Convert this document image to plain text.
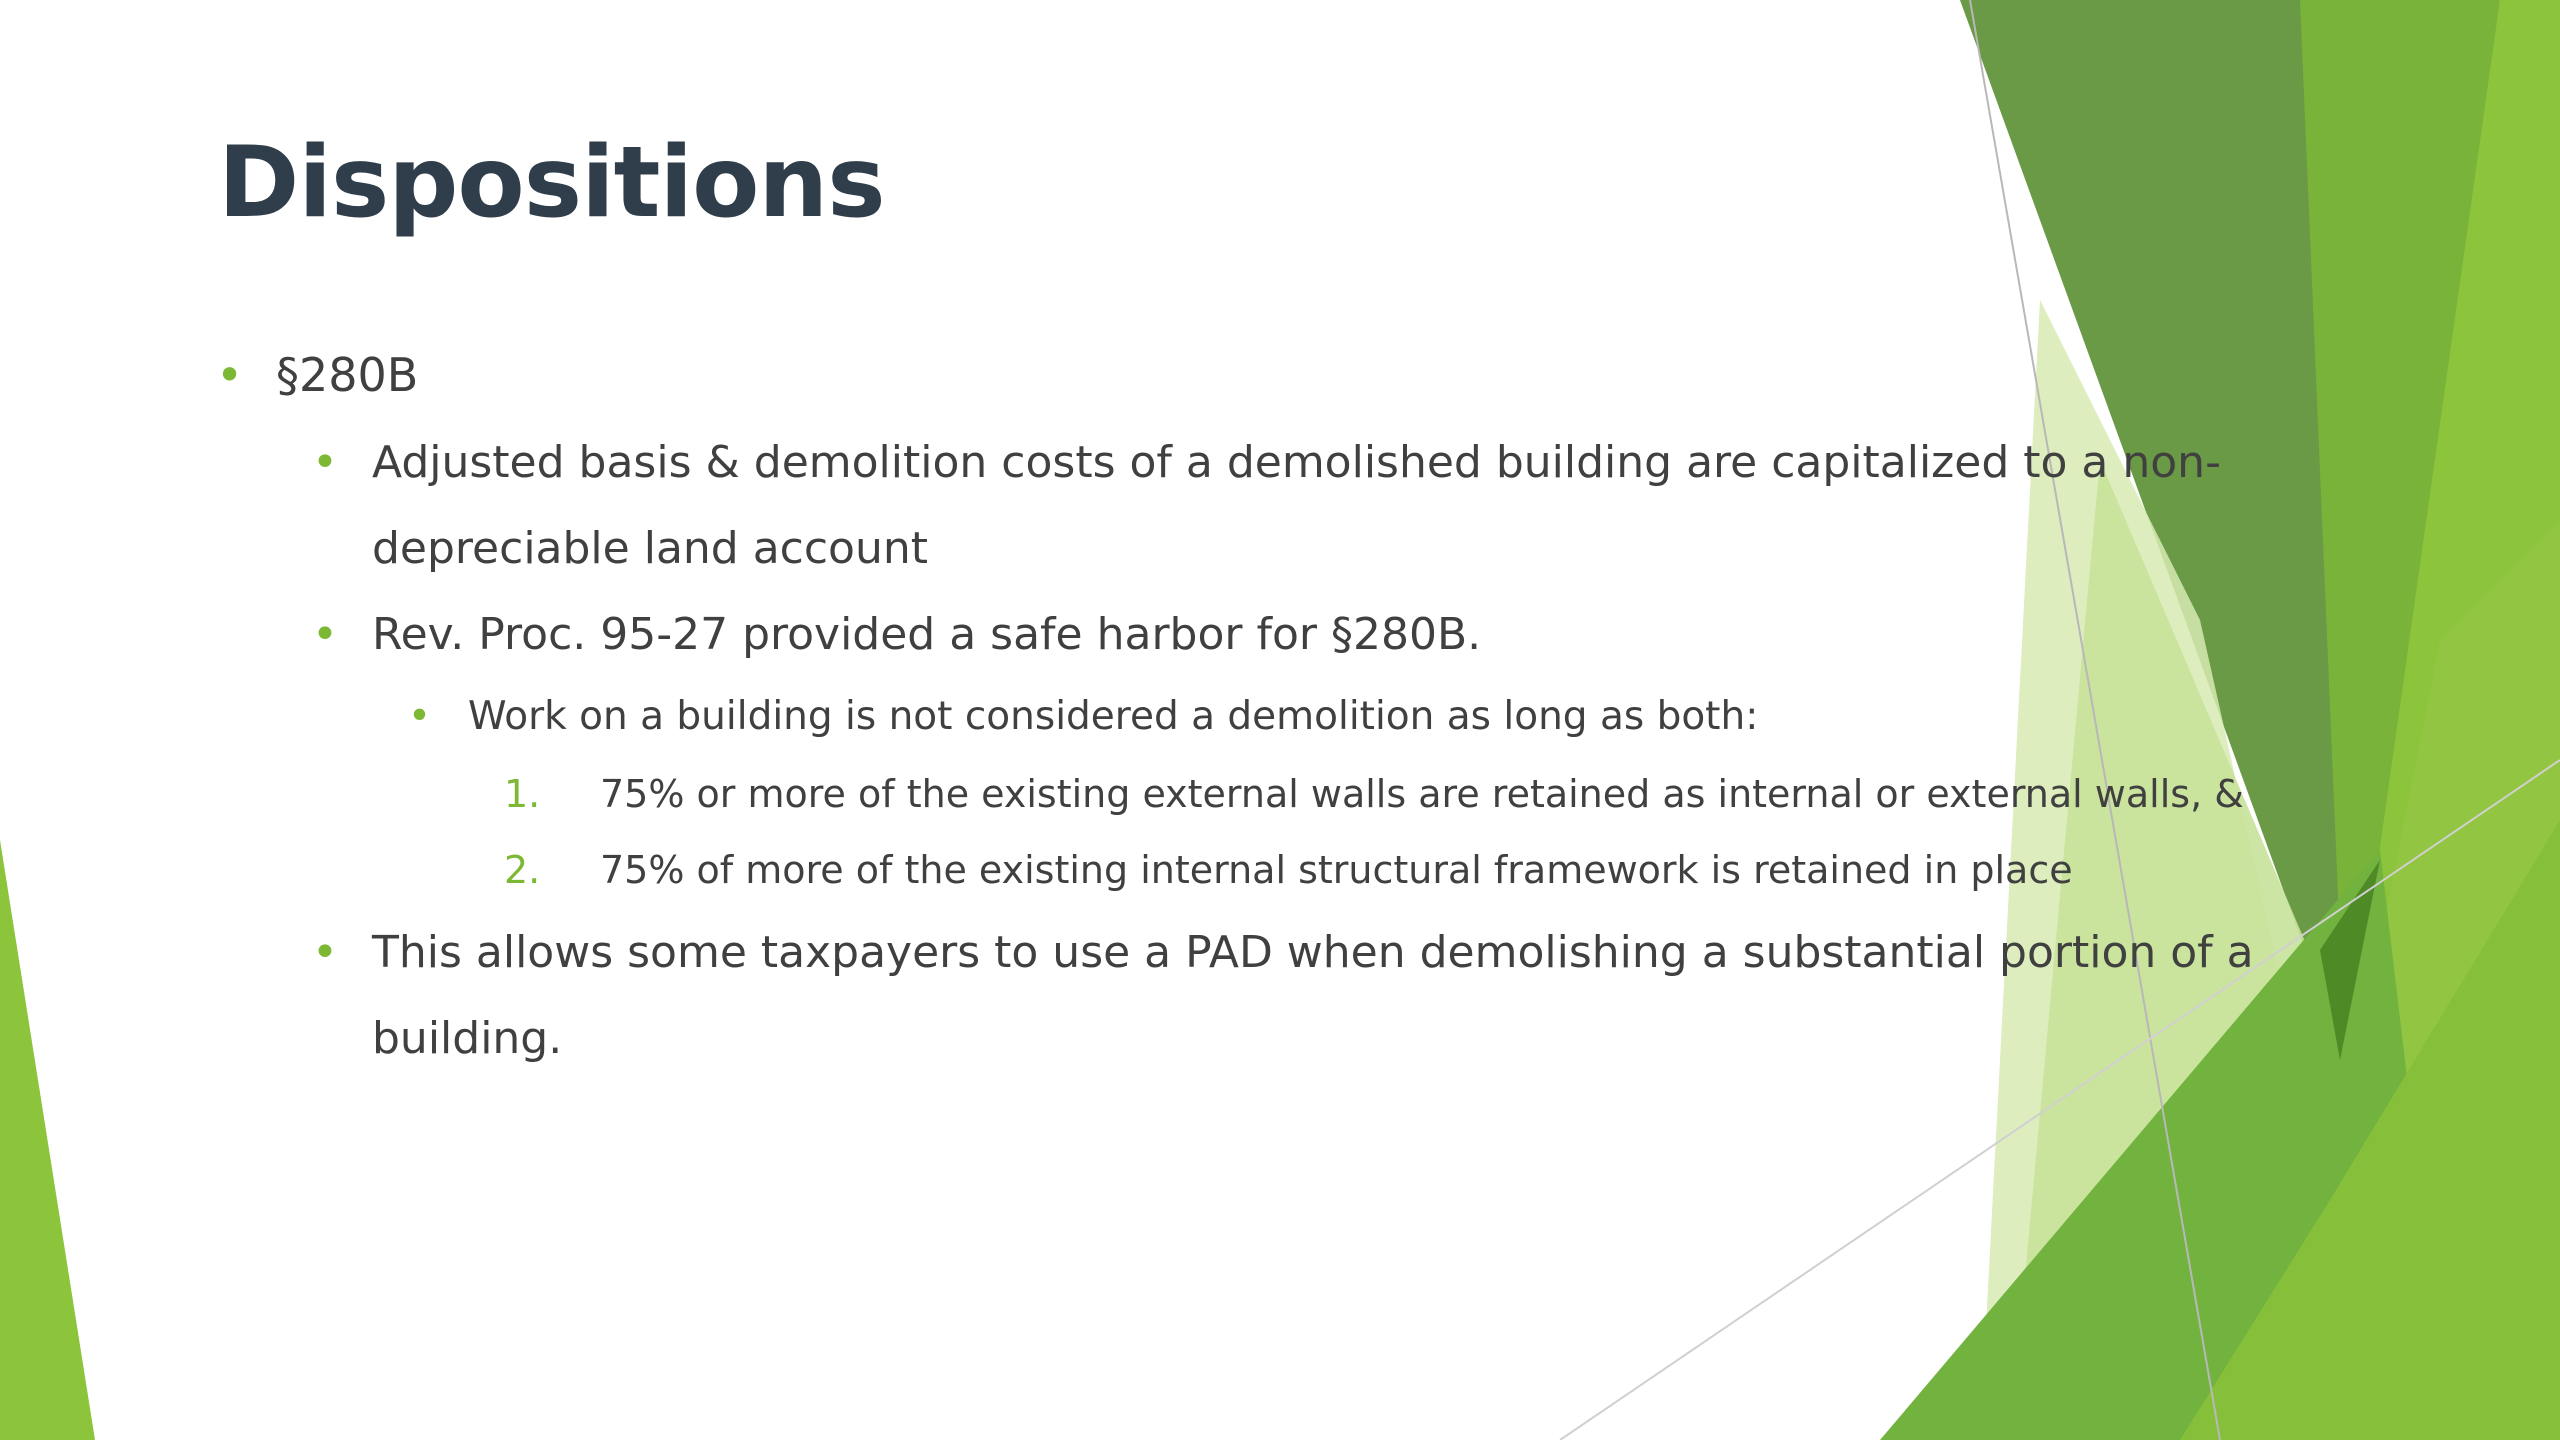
Dispositions
• §280B
• Adjusted basis & demolition costs of a demolished building are capitalized to a non-
depreciable land account
• Rev. Proc. 95-27 provided a safe harbor for §280B.
• Work on a building is not considered a demolition as long as both:
1. 75% or more of the existing external walls are retained as internal or external walls, &
2. 75% of more of the existing internal structural framework is retained in place
• This allows some taxpayers to use a PAD when demolishing a substantial portion of a
building.
